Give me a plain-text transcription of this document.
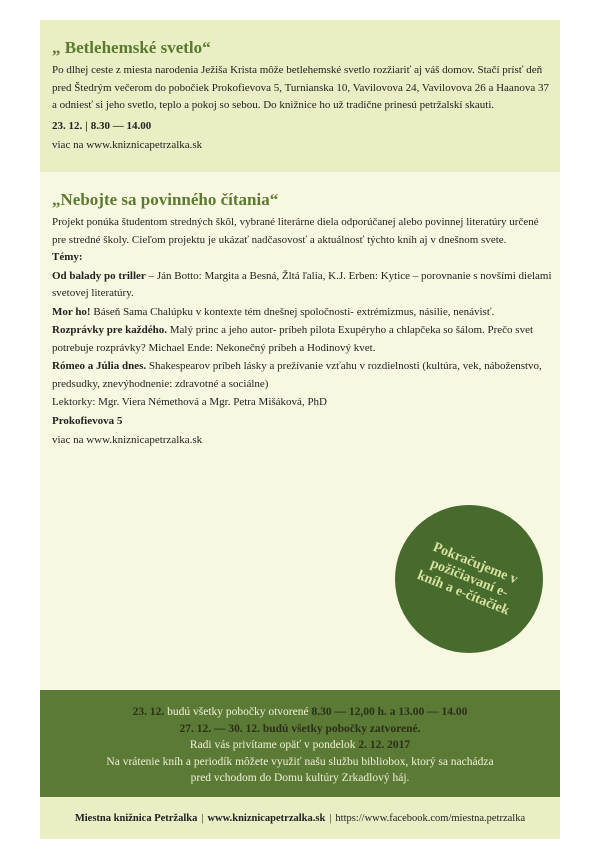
„ Betlehemské svetlo“

Po dlhej ceste z miesta narodenia Ježiša Krista môže betlehemské svetlo rozžiariť aj váš domov. Stačí prísť deň pred Štedrým večerom do pobočiek Prokofievova 5, Turnianska 10, Vavilovova 24, Vavilovova 26 a Haanova 37 a odniesť si jeho svetlo, teplo a pokoj so sebou. Do knižnice ho už tradične prinesú petržalskí skauti.

23. 12. | 8.30 — 14.00

viac na www.kniznicapetrzalka.sk

„Nebojte sa povinného čítania“

Projekt ponúka študentom stredných škôl, vybrané literárne diela odporúčanej alebo povinnej literatúry určené pre stredné školy. Cieľom projektu je ukázať nadčasovosť a aktuálnosť týchto kníh aj v dnešnom svete.

Témy:

Od balady po triller – Ján Botto: Margita a Besná, Žltá ľalia, K.J. Erben: Kytice – porovnanie s novšími dielami svetovej literatúry.

Mor ho! Báseň Sama Chalúpku v kontexte tém dnešnej spoločnosti- extrémizmus, násilie, nenávisť.

Rozprávky pre každého. Malý princ a jeho autor- príbeh pilota Exupéryho a chlapčeka so šálom. Prečo svet potrebuje rozprávky? Michael Ende: Nekonečný príbeh a Hodinový kvet.

Rómeo a Júlia dnes. Shakespearov príbeh lásky a prežívanie vzťahu v rozdielnosti (kultúra, vek, náboženstvo, predsudky, znevýhodnenie: zdravotné a sociálne)

Lektorky: Mgr. Viera Némethová a Mgr. Petra Mišáková, PhD

Prokofievova 5

viac na www.kniznicapetrzalka.sk

Pokračujeme v požičiavaní e-kníh a e-čítačiek
23. 12. budú všetky pobočky otvorené 8.30 — 12,00 h. a 13.00 — 14.00
27. 12. — 30. 12. budú všetky pobočky zatvorené.
Radi vás privítame opäť v pondelok 2. 12. 2017
Na vrátenie kníh a periodík môžete využiť našu službu bibliobox, ktorý sa nachádza
pred vchodom do Domu kultúry Zrkadlový háj.
Miestna knižnica Petržalka | www.kniznicapetrzalka.sk | https://www.facebook.com/miestna.petrzalka
